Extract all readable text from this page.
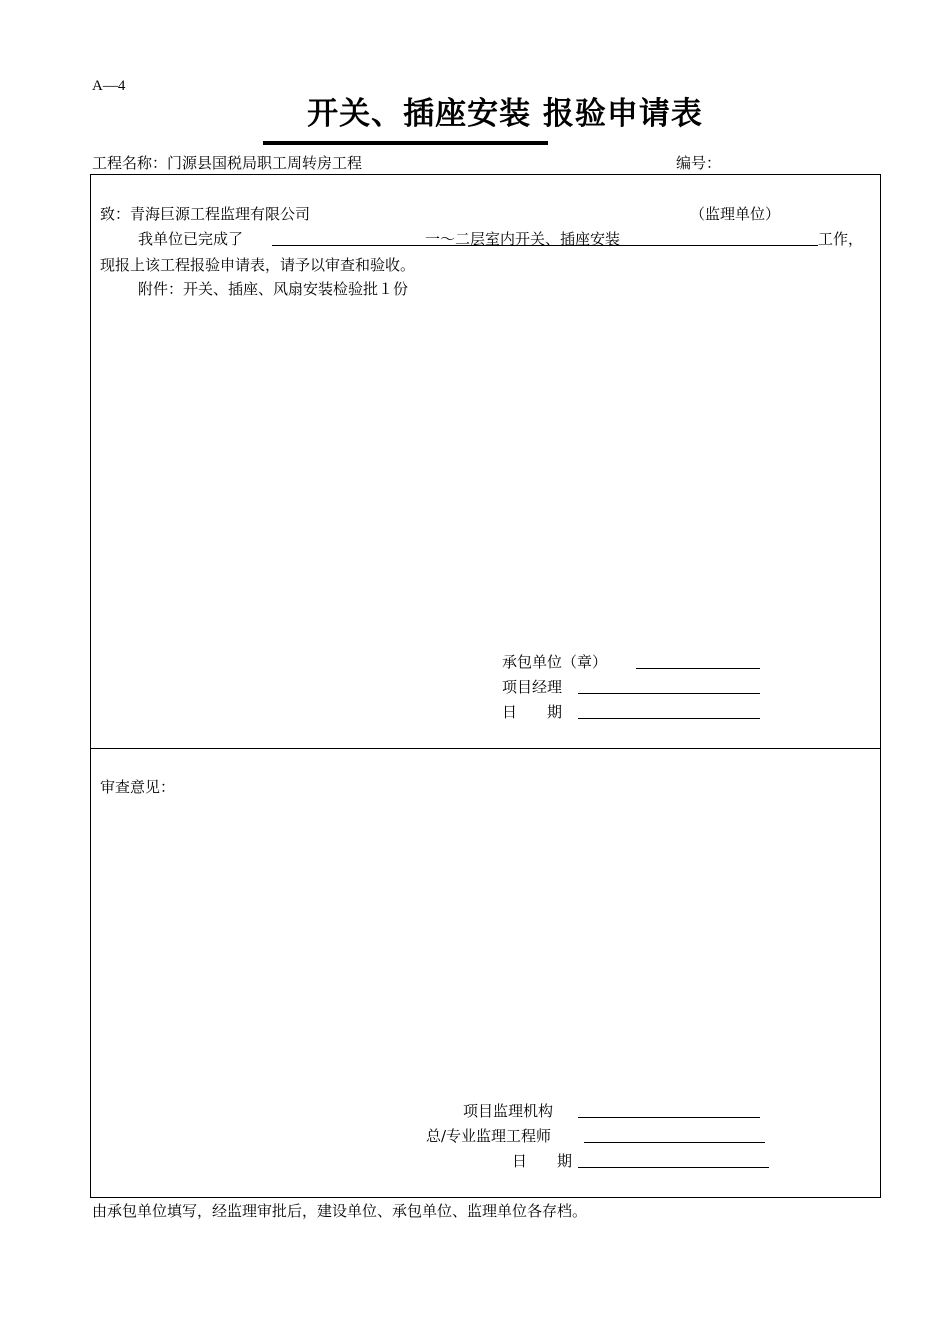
A—4
开关、插座安装 报验申请表
工程名称：门源县国税局职工周转房工程	编号：
致：青海巨源工程监理有限公司	（监理单位）
我单位已完成了	一～二层室内开关、插座安装	工作，
现报上该工程报验申请表，请予以审查和验收。
附件：开关、插座、风扇安装检验批１份
承包单位（章）
项目经理
日　　期
审查意见：
项目监理机构
总/专业监理工程师
日　　期
由承包单位填写，经监理审批后，建设单位、承包单位、监理单位各存档。
